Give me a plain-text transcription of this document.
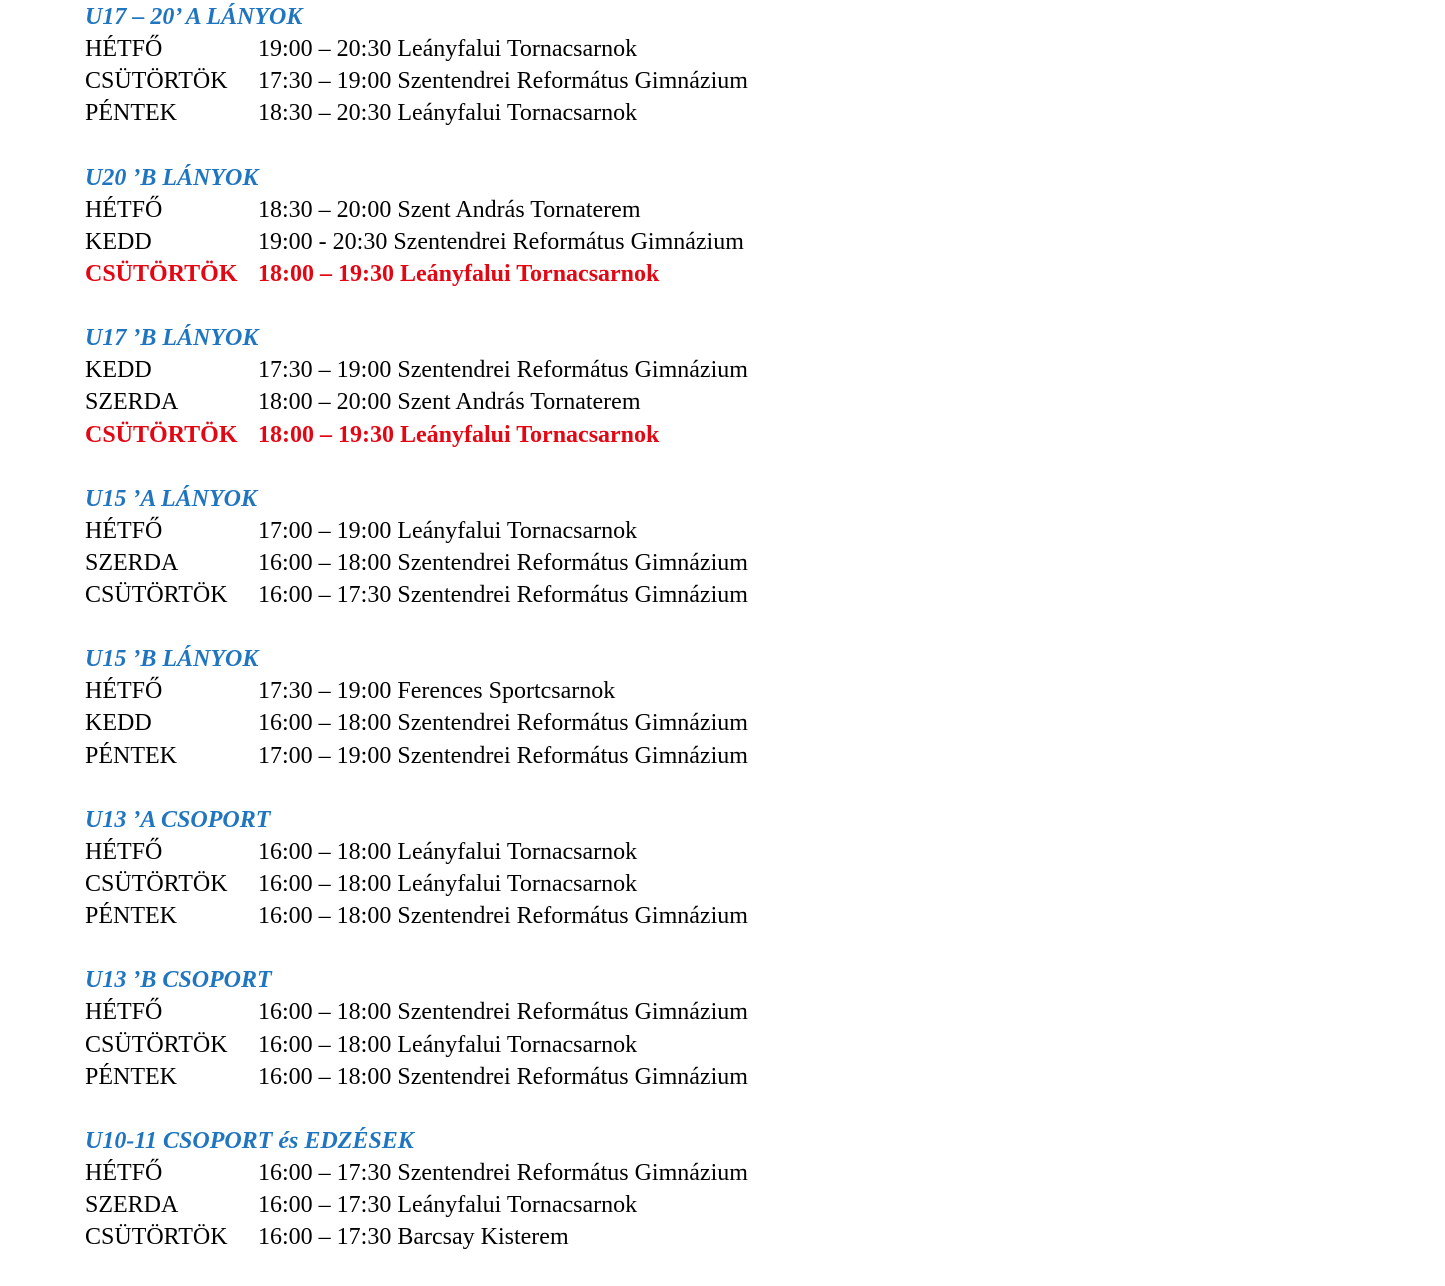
U17 – 20’ A LÁNYOK
HÉTFŐ	19:00 – 20:30 Leányfalui Tornacsarnok
CSÜTÖRTÖK 17:30 – 19:00 Szentendrei Református Gimnázium
PÉNTEK	18:30 – 20:30 Leányfalui Tornacsarnok
U20 ’B LÁNYOK
HÉTFŐ	18:30 – 20:00 Szent András Tornaterem
KEDD	19:00 - 20:30 Szentendrei Református Gimnázium
CSÜTÖRTÖK 18:00 – 19:30 Leányfalui Tornacsarnok
U17 ’B LÁNYOK
KEDD	17:30 – 19:00 Szentendrei Református Gimnázium
SZERDA	18:00 – 20:00 Szent András Tornaterem
CSÜTÖRTÖK 18:00 – 19:30 Leányfalui Tornacsarnok
U15 ’A LÁNYOK
HÉTFŐ	17:00 – 19:00 Leányfalui Tornacsarnok
SZERDA	16:00 – 18:00 Szentendrei Református Gimnázium
CSÜTÖRTÖK 16:00 – 17:30 Szentendrei Református Gimnázium
U15 ’B LÁNYOK
HÉTFŐ	17:30 – 19:00 Ferences Sportcsarnok
KEDD	16:00 – 18:00 Szentendrei Református Gimnázium
PÉNTEK	17:00 – 19:00 Szentendrei Református Gimnázium
U13 ’A CSOPORT
HÉTFŐ	16:00 – 18:00 Leányfalui Tornacsarnok
CSÜTÖRTÖK 16:00 – 18:00 Leányfalui Tornacsarnok
PÉNTEK	16:00 – 18:00 Szentendrei Református Gimnázium
U13 ’B CSOPORT
HÉTFŐ	16:00 – 18:00 Szentendrei Református Gimnázium
CSÜTÖRTÖK 16:00 – 18:00 Leányfalui Tornacsarnok
PÉNTEK	16:00 – 18:00 Szentendrei Református Gimnázium
U10-11 CSOPORT és EDZÉSEK
HÉTFŐ	16:00 – 17:30 Szentendrei Református Gimnázium
SZERDA	16:00 – 17:30 Leányfalui Tornacsarnok
CSÜTÖRTÖK 16:00 – 17:30 Barcsay Kisterem
